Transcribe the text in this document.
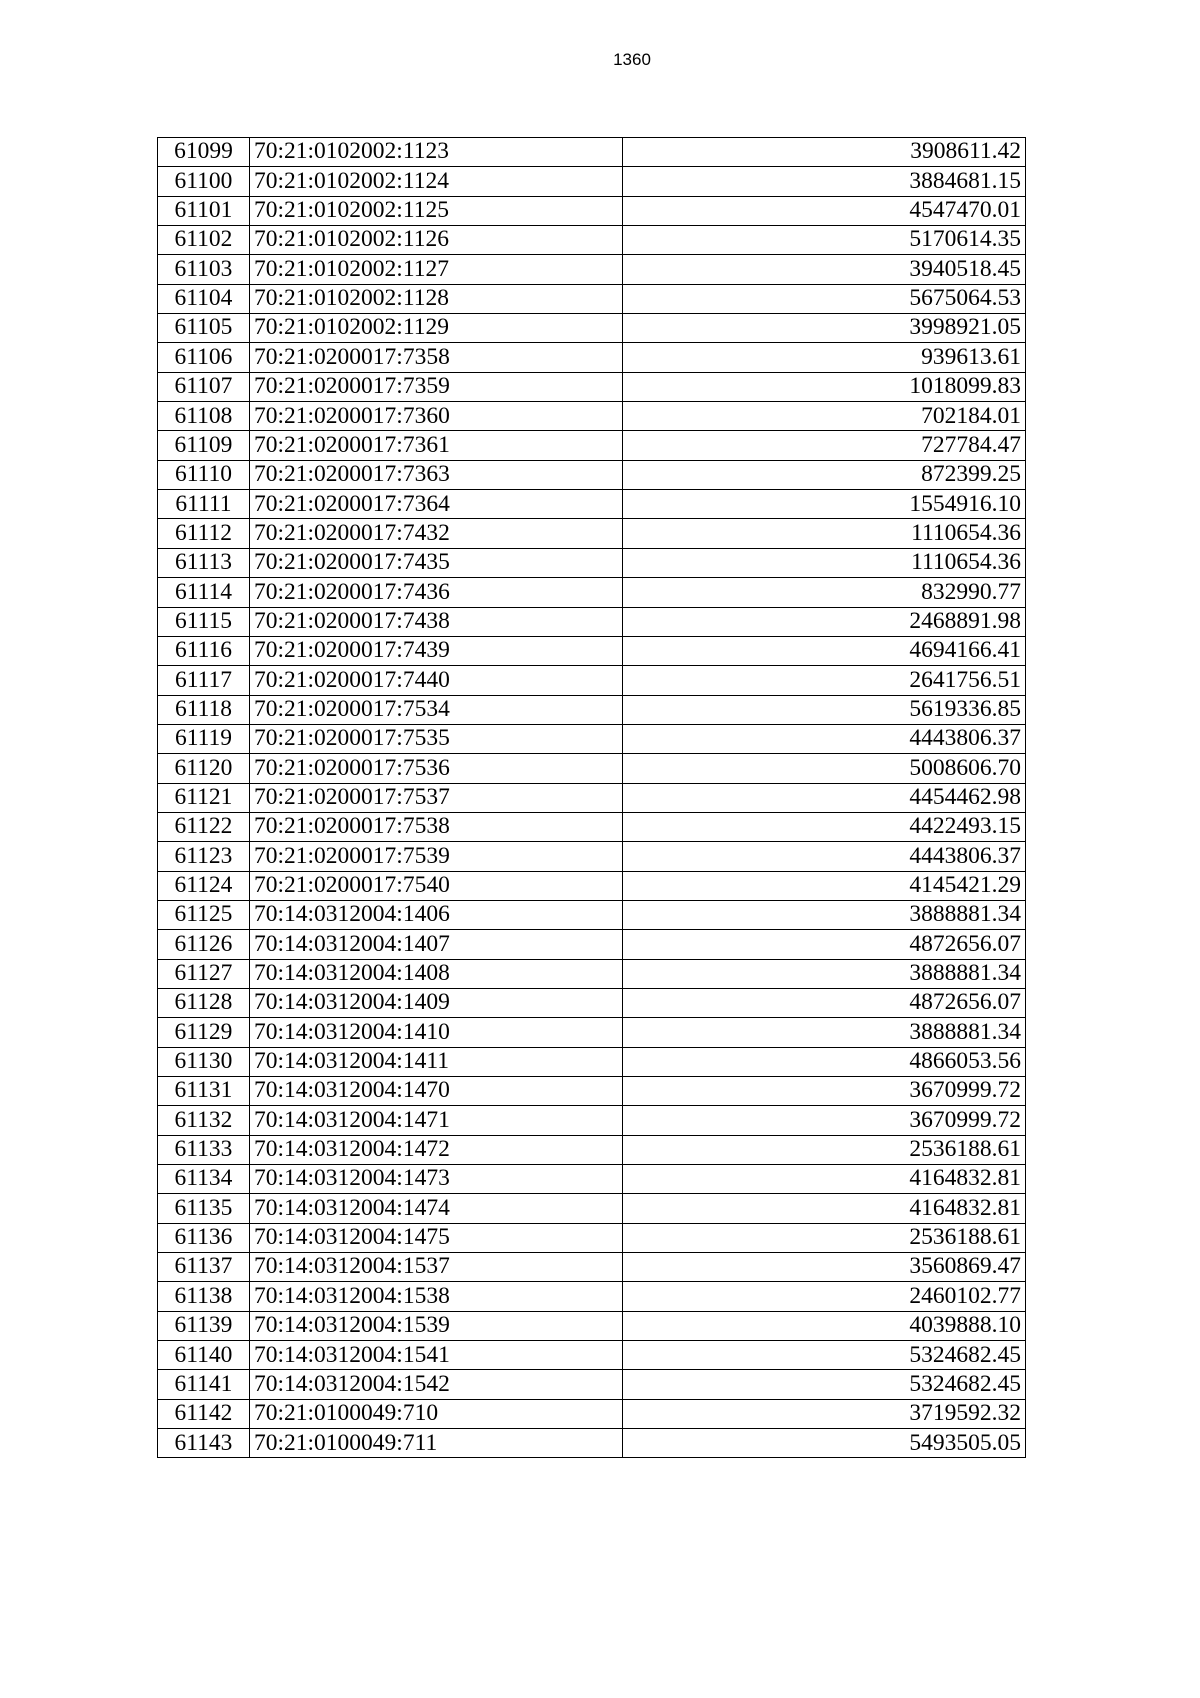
1360
61099	70:21:0102002:1123	3908611.42
61100	70:21:0102002:1124	3884681.15
61101	70:21:0102002:1125	4547470.01
61102	70:21:0102002:1126	5170614.35
61103	70:21:0102002:1127	3940518.45
61104	70:21:0102002:1128	5675064.53
61105	70:21:0102002:1129	3998921.05
61106	70:21:0200017:7358	939613.61
61107	70:21:0200017:7359	1018099.83
61108	70:21:0200017:7360	702184.01
61109	70:21:0200017:7361	727784.47
61110	70:21:0200017:7363	872399.25
61111	70:21:0200017:7364	1554916.10
61112	70:21:0200017:7432	1110654.36
61113	70:21:0200017:7435	1110654.36
61114	70:21:0200017:7436	832990.77
61115	70:21:0200017:7438	2468891.98
61116	70:21:0200017:7439	4694166.41
61117	70:21:0200017:7440	2641756.51
61118	70:21:0200017:7534	5619336.85
61119	70:21:0200017:7535	4443806.37
61120	70:21:0200017:7536	5008606.70
61121	70:21:0200017:7537	4454462.98
61122	70:21:0200017:7538	4422493.15
61123	70:21:0200017:7539	4443806.37
61124	70:21:0200017:7540	4145421.29
61125	70:14:0312004:1406	3888881.34
61126	70:14:0312004:1407	4872656.07
61127	70:14:0312004:1408	3888881.34
61128	70:14:0312004:1409	4872656.07
61129	70:14:0312004:1410	3888881.34
61130	70:14:0312004:1411	4866053.56
61131	70:14:0312004:1470	3670999.72
61132	70:14:0312004:1471	3670999.72
61133	70:14:0312004:1472	2536188.61
61134	70:14:0312004:1473	4164832.81
61135	70:14:0312004:1474	4164832.81
61136	70:14:0312004:1475	2536188.61
61137	70:14:0312004:1537	3560869.47
61138	70:14:0312004:1538	2460102.77
61139	70:14:0312004:1539	4039888.10
61140	70:14:0312004:1541	5324682.45
61141	70:14:0312004:1542	5324682.45
61142	70:21:0100049:710	3719592.32
61143	70:21:0100049:711	5493505.05
